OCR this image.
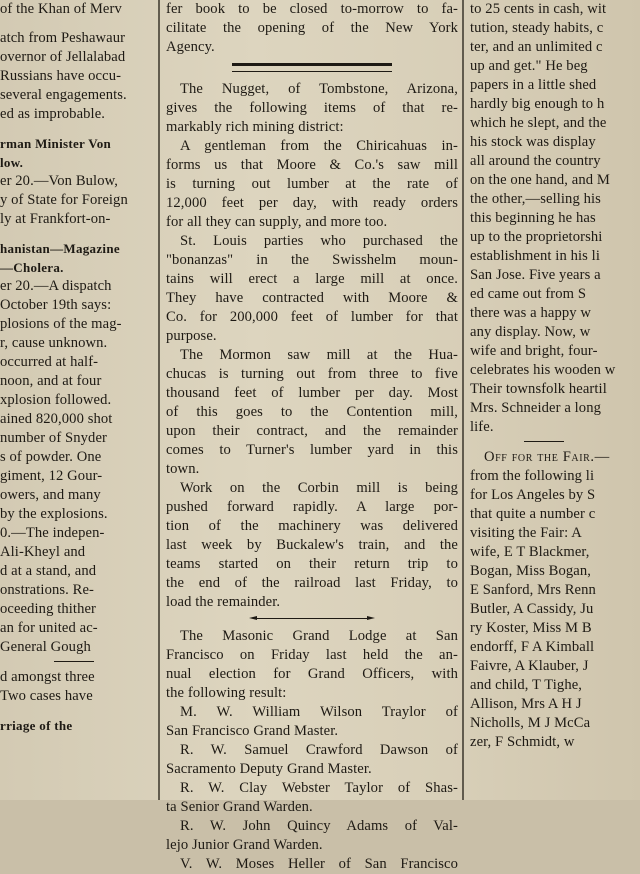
of the Khan of Merv
atch from Peshawaur
overnor of Jellalabad
Russians have occu-
several engagements.
ed as improbable.
rman Minister Von
low.
er 20.—Von Bulow,
y of State for Foreign
ly at Frankfort-on-
hanistan—Magazine
—Cholera.
er 20.—A dispatch
October 19th says:
plosions of the mag-
r, cause unknown.
occurred at half-
noon, and at four
xplosion followed.
ained 820,000 shot
number of Snyder
s of powder. One
giment, 12 Gour-
owers, and many
by the explosions.
0.—The indepen-
Ali-Kheyl and
d at a stand, and
onstrations. Re-
oceeding thither
an for united ac-
General Gough
d amongst three
Two cases have
rriage of the
fer book to be closed to-morrow to fa-
cilitate the opening of the New York
Agency.
The Nugget, of Tombstone, Arizona,
gives the following items of that re-
markably rich mining district:
A gentleman from the Chiricahuas in-
forms us that Moore & Co.'s saw mill
is turning out lumber at the rate of
12,000 feet per day, with ready orders
for all they can supply, and more too.
St. Louis parties who purchased the
"bonanzas" in the Swisshelm moun-
tains will erect a large mill at once.
They have contracted with Moore &
Co. for 200,000 feet of lumber for that
purpose.
The Mormon saw mill at the Hua-
chucas is turning out from three to five
thousand feet of lumber per day. Most
of this goes to the Contention mill,
upon their contract, and the remainder
comes to Turner's lumber yard in this
town.
Work on the Corbin mill is being
pushed forward rapidly. A large por-
tion of the machinery was delivered
last week by Buckalew's train, and the
teams started on their return trip to
the end of the railroad last Friday, to
load the remainder.
The Masonic Grand Lodge at San
Francisco on Friday last held the an-
nual election for Grand Officers, with
the following result:
M. W. William Wilson Traylor of
San Francisco Grand Master.
R. W. Samuel Crawford Dawson of
Sacramento Deputy Grand Master.
R. W. Clay Webster Taylor of Shas-
ta Senior Grand Warden.
R. W. John Quincy Adams of Val-
lejo Junior Grand Warden.
V. W. Moses Heller of San Francisco
to 25 cents in cash, wit
tution, steady habits, c
ter, and an unlimited c
up and get." He beg
papers in a little shed
hardly big enough to h
which he slept, and the
his stock was display
all around the country
on the one hand, and M
the other,—selling his
this beginning he has
up to the proprietorshi
establishment in his li
San Jose. Five years a
ed came out from S
there was a happy w
any display. Now, w
wife and bright, four-
celebrates his wooden w
Their townsfolk heartil
Mrs. Schneider a long
life.
Off for the Fair.—
from the following li
for Los Angeles by S
that quite a number c
visiting the Fair: A
wife, E T Blackmer,
Bogan, Miss Bogan,
E Sanford, Mrs Renn
Butler, A Cassidy, Ju
ry Koster, Miss M B
endorff, F A Kimball
Faivre, A Klauber, J
and child, T Tighe,
Allison, Mrs A H J
Nicholls, M J McCa
zer, F Schmidt, w
